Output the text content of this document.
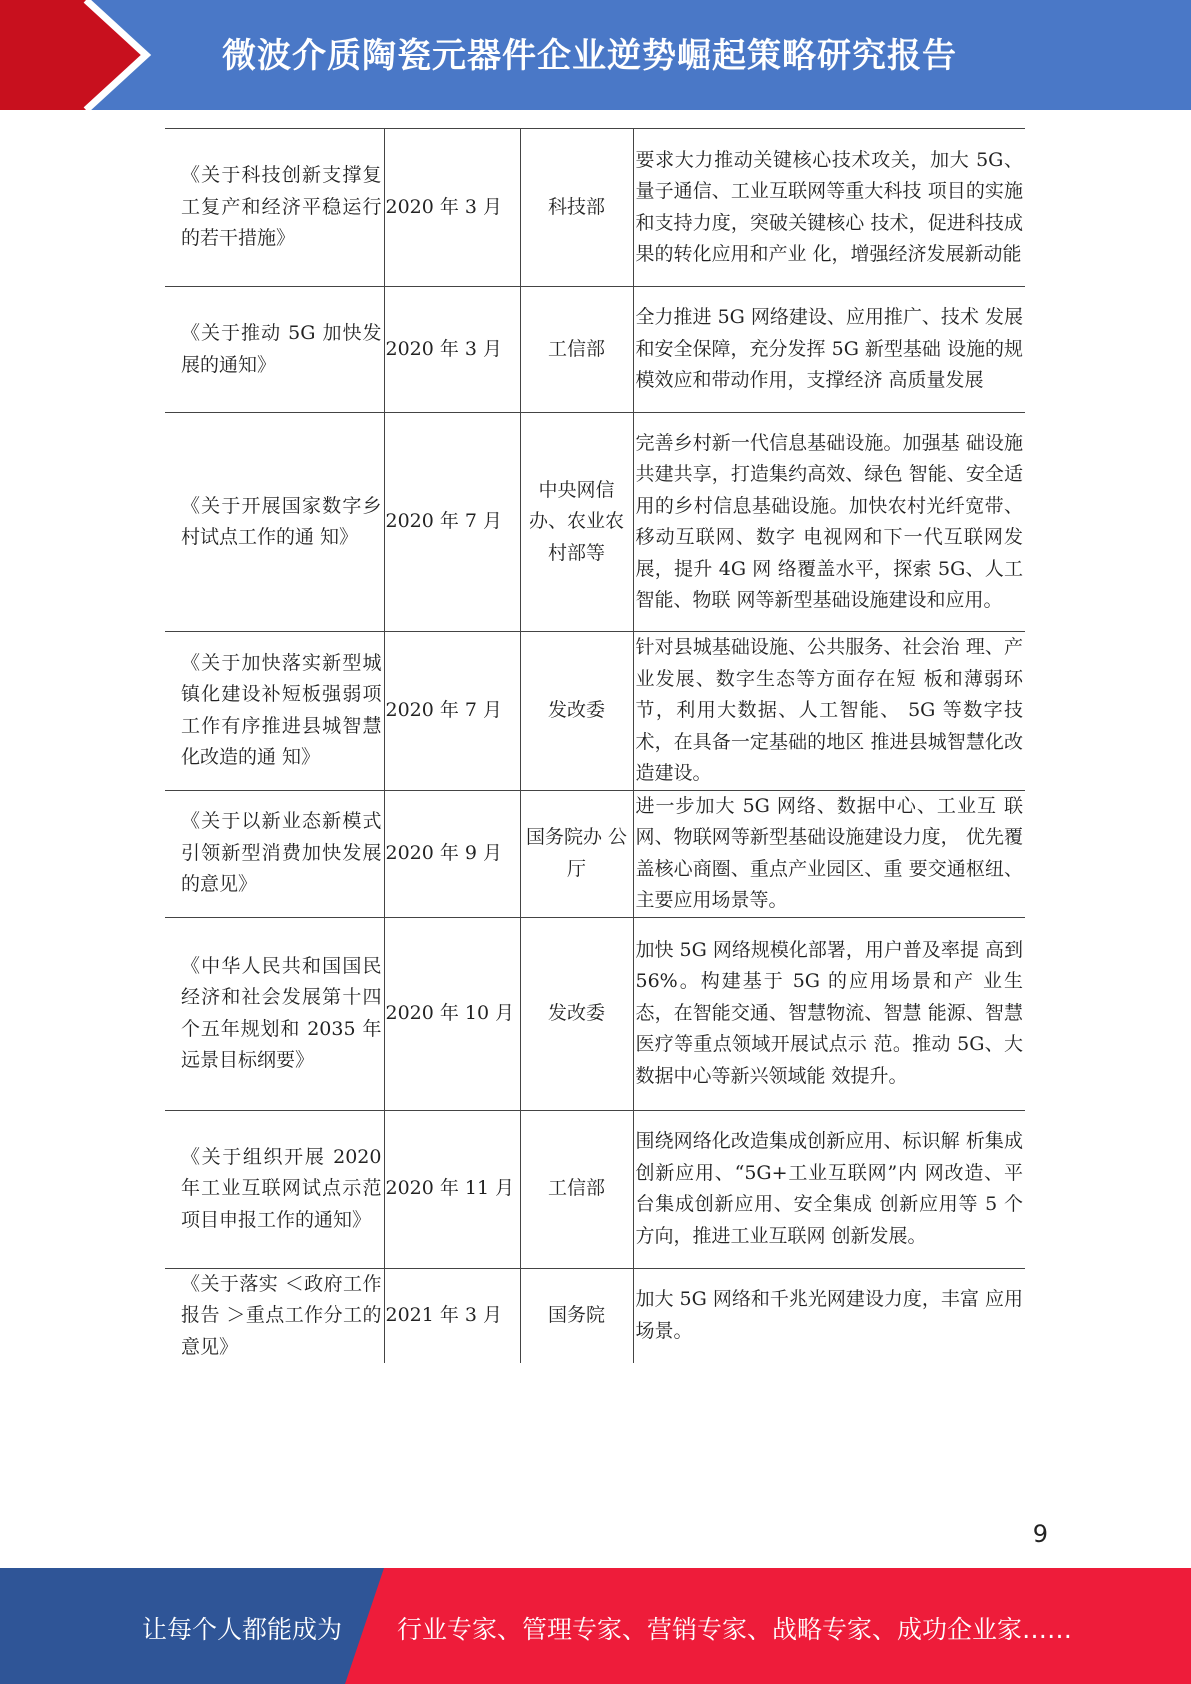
微波介质陶瓷元器件企业逆势崛起策略研究报告
《关于科技创新支撑复工复产和经济平稳运行的若干措施》	2020 年 3 月	科技部	要求大力推动关键核心技术攻关，加大 5G、量子通信、工业互联网等重大科技 项目的实施和支持力度，突破关键核心 技术，促进科技成果的转化应用和产业 化，增强经济发展新动能
《关于推动 5G 加快发展的通知》	2020 年 3 月	工信部	全力推进 5G 网络建设、应用推广、技术 发展和安全保障，充分发挥 5G 新型基础 设施的规模效应和带动作用，支撑经济 高质量发展
《关于开展国家数字乡村试点工作的通 知》	2020 年 7 月	中央网信办、农业农村部等	完善乡村新一代信息基础设施。加强基 础设施共建共享，打造集约高效、绿色 智能、安全适用的乡村信息基础设施。加快农村光纤宽带、移动互联网、数字 电视网和下一代互联网发展，提升 4G 网 络覆盖水平，探索 5G、人工智能、物联 网等新型基础设施建设和应用。
《关于加快落实新型城镇化建设补短板强弱项工作有序推进县城智慧化改造的通 知》	2020 年 7 月	发改委	针对县城基础设施、公共服务、社会治 理、产业发展、数字生态等方面存在短 板和薄弱环节，利用大数据、人工智能、 5G 等数字技术，在具备一定基础的地区 推进县城智慧化改造建设。
《关于以新业态新模式引领新型消费加快发展的意见》	2020 年 9 月	国务院办 公厅	进一步加大 5G 网络、数据中心、工业互 联网、物联网等新型基础设施建设力度， 优先覆盖核心商圈、重点产业园区、重 要交通枢纽、主要应用场景等。
《中华人民共和国国民经济和社会发展第十四个五年规划和 2035 年远景目标纲要》	2020 年 10 月	发改委	加快 5G 网络规模化部署，用户普及率提 高到 56%。构建基于 5G 的应用场景和产 业生态，在智能交通、智慧物流、智慧 能源、智慧医疗等重点领域开展试点示 范。推动 5G、大数据中心等新兴领域能 效提升。
《关于组织开展 2020 年工业互联网试点示范项目申报工作的通知》	2020 年 11 月	工信部	围绕网络化改造集成创新应用、标识解 析集成创新应用、“5G+工业互联网”内 网改造、平台集成创新应用、安全集成 创新应用等 5 个方向，推进工业互联网 创新发展。
《关于落实 ＜政府工作报告 ＞重点工作分工的意见》	2021 年 3 月	国务院	加大 5G 网络和千兆光网建设力度，丰富 应用场景。
9
让每个人都能成为 行业专家、管理专家、营销专家、战略专家、成功企业家……
